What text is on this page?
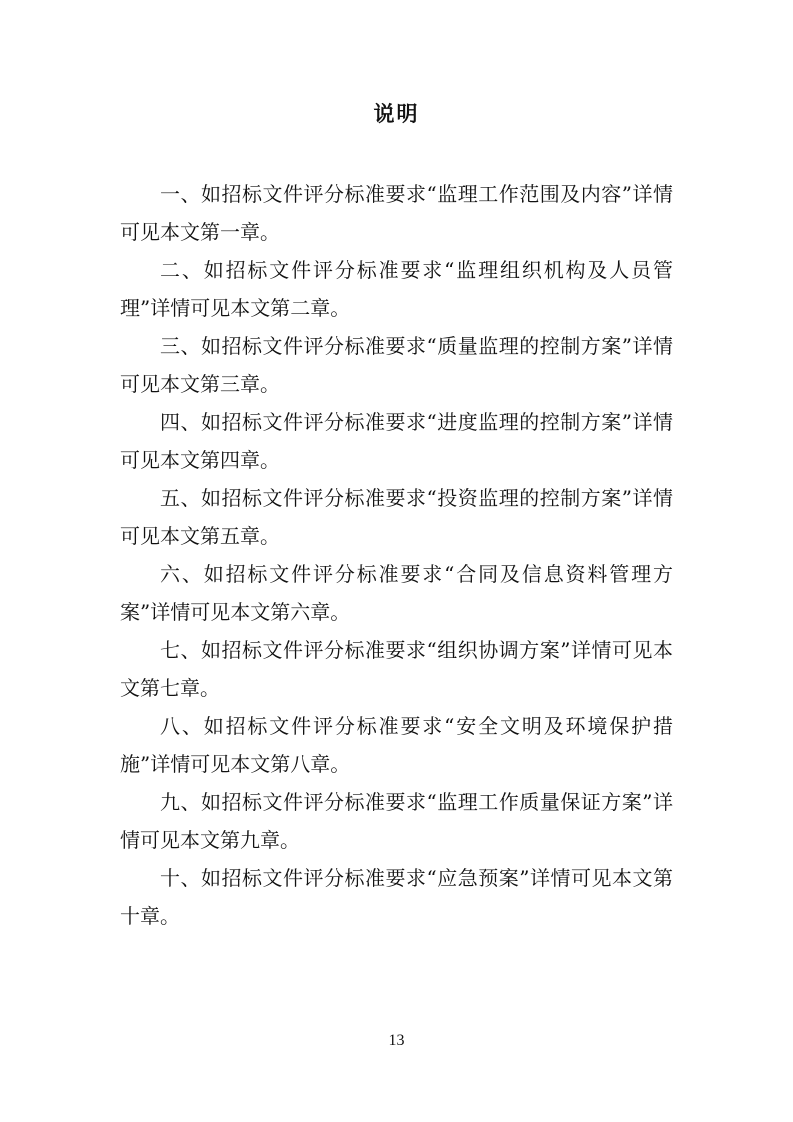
说明

一、如招标文件评分标准要求“监理工作范围及内容”详情可见本文第一章。

二、如招标文件评分标准要求“监理组织机构及人员管理”详情可见本文第二章。

三、如招标文件评分标准要求“质量监理的控制方案”详情可见本文第三章。

四、如招标文件评分标准要求“进度监理的控制方案”详情可见本文第四章。

五、如招标文件评分标准要求“投资监理的控制方案”详情可见本文第五章。

六、如招标文件评分标准要求“合同及信息资料管理方案”详情可见本文第六章。

七、如招标文件评分标准要求“组织协调方案”详情可见本文第七章。

八、如招标文件评分标准要求“安全文明及环境保护措施”详情可见本文第八章。

九、如招标文件评分标准要求“监理工作质量保证方案”详情可见本文第九章。

十、如招标文件评分标准要求“应急预案”详情可见本文第十章。

13
